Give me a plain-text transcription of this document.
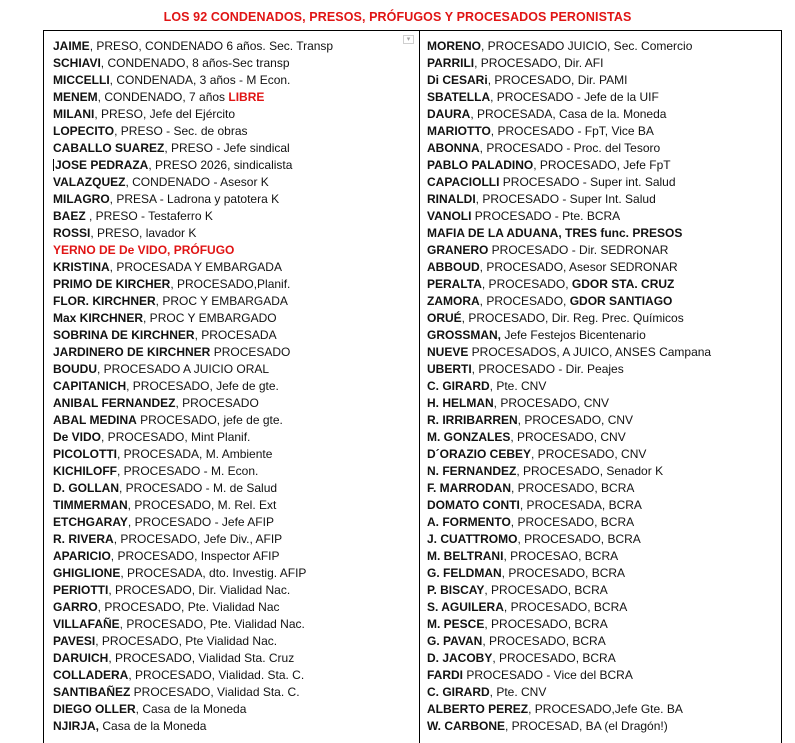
LOS 92 CONDENADOS, PRESOS, PRÓFUGOS Y PROCESADOS PERONISTAS
▾
JAIME, PRESO, CONDENADO 6 años. Sec. Transp
SCHIAVI, CONDENADO, 8 años-Sec transp
MICCELLI, CONDENADA, 3 años - M Econ.
MENEM, CONDENADO, 7 años LIBRE
MILANI, PRESO, Jefe del Ejército
LOPECITO, PRESO - Sec. de obras
CABALLO SUAREZ, PRESO - Jefe sindical
JOSE PEDRAZA, PRESO 2026, sindicalista
VALAZQUEZ, CONDENADO - Asesor K
MILAGRO, PRESA - Ladrona y patotera K
BAEZ , PRESO - Testaferro K
ROSSI, PRESO, lavador K
YERNO DE De VIDO, PRÓFUGO
KRISTINA, PROCESADA Y EMBARGADA
PRIMO DE KIRCHER, PROCESADO,Planif.
FLOR. KIRCHNER, PROC Y EMBARGADA
Max KIRCHNER, PROC Y EMBARGADO
SOBRINA DE KIRCHNER, PROCESADA
JARDINERO DE KIRCHNER PROCESADO
BOUDU, PROCESADO A JUICIO ORAL
CAPITANICH, PROCESADO, Jefe de gte.
ANIBAL FERNANDEZ, PROCESADO
ABAL MEDINA PROCESADO, jefe de gte.
De VIDO, PROCESADO, Mint Planif.
PICOLOTTI, PROCESADA, M. Ambiente
KICHILOFF, PROCESADO - M. Econ.
D. GOLLAN, PROCESADO - M. de Salud
TIMMERMAN, PROCESADO, M. Rel. Ext
ETCHGARAY, PROCESADO - Jefe AFIP
R. RIVERA, PROCESADO, Jefe Div., AFIP
APARICIO, PROCESADO, Inspector AFIP
GHIGLIONE, PROCESADA, dto. Investig. AFIP
PERIOTTI, PROCESADO, Dir. Vialidad Nac.
GARRO, PROCESADO, Pte. Vialidad Nac
VILLAFAÑE, PROCESADO, Pte. Vialidad Nac.
PAVESI, PROCESADO, Pte Vialidad Nac.
DARUICH, PROCESADO, Vialidad Sta. Cruz
COLLADERA, PROCESADO, Vialidad. Sta. C.
SANTIBAÑEZ PROCESADO, Vialidad Sta. C.
DIEGO OLLER, Casa de la Moneda
NJIRJA, Casa de la Moneda
MORENO, PROCESADO JUICIO, Sec. Comercio
PARRILI, PROCESADO, Dir. AFI
Di CESARi, PROCESADO, Dir. PAMI
SBATELLA, PROCESADO - Jefe de la UIF
DAURA, PROCESADA, Casa de la. Moneda
MARIOTTO, PROCESADO - FpT, Vice BA
ABONNA, PROCESADO - Proc. del Tesoro
PABLO PALADINO, PROCESADO, Jefe FpT
CAPACIOLLI PROCESADO - Super int. Salud
RINALDI, PROCESADO - Super Int. Salud
VANOLI PROCESADO - Pte. BCRA
MAFIA DE LA ADUANA, TRES func. PRESOS
GRANERO PROCESADO - Dir. SEDRONAR
ABBOUD, PROCESADO, Asesor SEDRONAR
PERALTA, PROCESADO, GDOR STA. CRUZ
ZAMORA, PROCESADO, GDOR SANTIAGO
ORUÉ, PROCESADO, Dir. Reg. Prec. Químicos
GROSSMAN, Jefe Festejos Bicentenario
NUEVE PROCESADOS, A JUICO, ANSES Campana
UBERTI, PROCESADO - Dir. Peajes
C. GIRARD, Pte. CNV
H. HELMAN, PROCESADO, CNV
R. IRRIBARREN, PROCESADO, CNV
M. GONZALES, PROCESADO, CNV
D´ORAZIO CEBEY, PROCESADO, CNV
N. FERNANDEZ, PROCESADO, Senador K
F. MARRODAN, PROCESADO, BCRA
DOMATO CONTI, PROCESADA, BCRA
A. FORMENTO, PROCESADO, BCRA
J. CUATTROMO, PROCESADO, BCRA
M. BELTRANI, PROCESAO, BCRA
G. FELDMAN, PROCESADO, BCRA
P. BISCAY, PROCESADO, BCRA
S. AGUILERA, PROCESADO, BCRA
M. PESCE, PROCESADO, BCRA
G. PAVAN, PROCESADO, BCRA
D. JACOBY, PROCESADO, BCRA
FARDI PROCESADO - Vice del BCRA
C. GIRARD, Pte. CNV
ALBERTO PEREZ, PROCESADO,Jefe Gte. BA
W. CARBONE, PROCESAD, BA (el Dragón!)
